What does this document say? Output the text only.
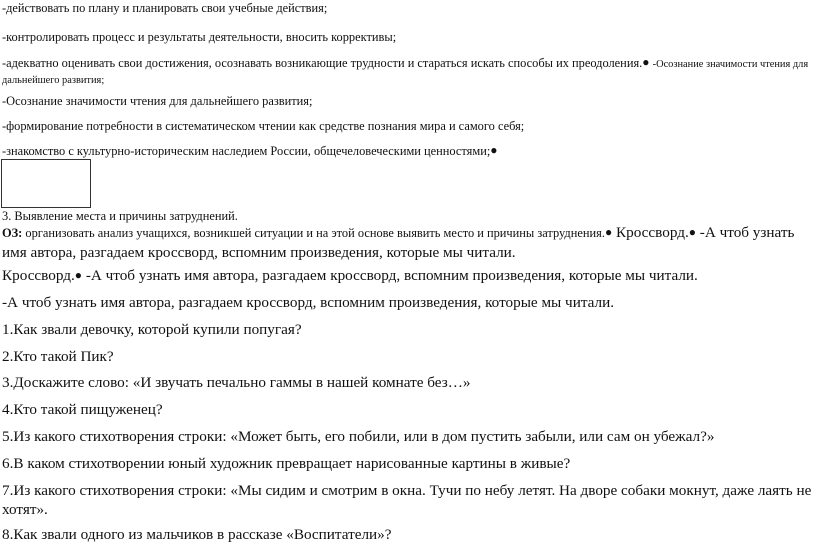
-действовать по плану и планировать свои учебные действия;
-контролировать процесс и результаты деятельности, вносить коррективы;
-адекватно оценивать свои достижения, осознавать возникающие трудности и стараться искать способы их преодоления.● -Осознание значимости чтения для дальнейшего развития;
-Осознание значимости чтения для дальнейшего развития;
-формирование потребности в систематическом чтении как средстве познания мира и самого себя;
-знакомство с культурно-историческим наследием России, общечеловеческими ценностями;●
3. Выявление места и причины затруднений.
ОЗ: организовать анализ учащихся, возникшей ситуации и на этой основе выявить место и причины затруднения.● Кроссворд.● -А чтоб узнать имя автора, разгадаем кроссворд, вспомним произведения, которые мы читали.
Кроссворд.● -А чтоб узнать имя автора, разгадаем кроссворд, вспомним произведения, которые мы читали.
-А чтоб узнать имя автора, разгадаем кроссворд, вспомним произведения, которые мы читали.
1.Как звали девочку, которой купили попугая?
2.Кто такой Пик?
3.Доскажите слово: «И звучать печально гаммы в нашей комнате без…»
4.Кто такой пищуженец?
5.Из какого стихотворения строки: «Может быть, его побили, или в дом пустить забыли, или сам он убежал?»
6.В каком стихотворении юный художник превращает нарисованные картины в живые?
7.Из какого стихотворения строки: «Мы сидим и смотрим в окна. Тучи по небу летят. На дворе собаки мокнут, даже лаять не хотят».
8.Как звали одного из мальчиков в рассказе «Воспитатели»?
